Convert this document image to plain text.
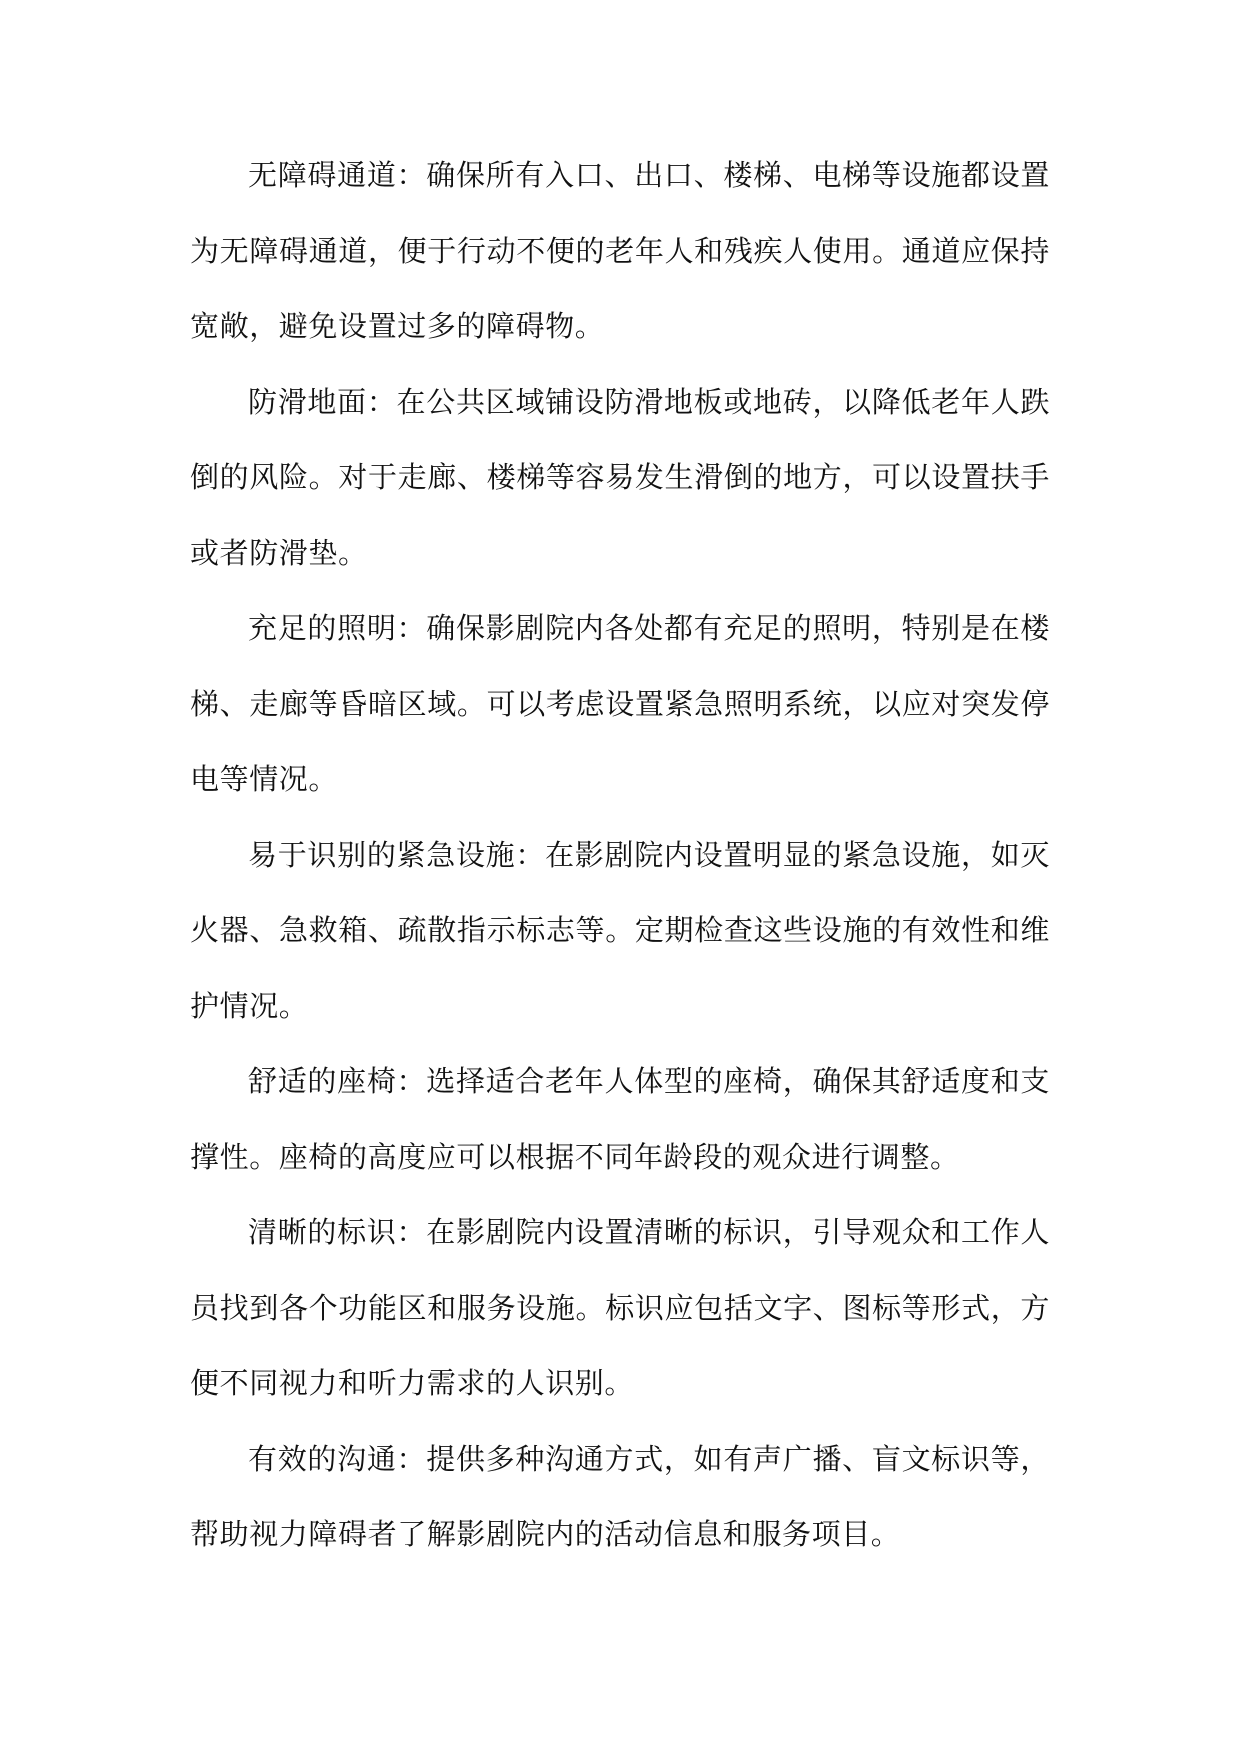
无障碍通道：确保所有入口、出口、楼梯、电梯等设施都设置为无障碍通道，便于行动不便的老年人和残疾人使用。通道应保持宽敞，避免设置过多的障碍物。

防滑地面：在公共区域铺设防滑地板或地砖，以降低老年人跌倒的风险。对于走廊、楼梯等容易发生滑倒的地方，可以设置扶手或者防滑垫。

充足的照明：确保影剧院内各处都有充足的照明，特别是在楼梯、走廊等昏暗区域。可以考虑设置紧急照明系统，以应对突发停电等情况。

易于识别的紧急设施：在影剧院内设置明显的紧急设施，如灭火器、急救箱、疏散指示标志等。定期检查这些设施的有效性和维护情况。

舒适的座椅：选择适合老年人体型的座椅，确保其舒适度和支撑性。座椅的高度应可以根据不同年龄段的观众进行调整。

清晰的标识：在影剧院内设置清晰的标识，引导观众和工作人员找到各个功能区和服务设施。标识应包括文字、图标等形式，方便不同视力和听力需求的人识别。

有效的沟通：提供多种沟通方式，如有声广播、盲文标识等，帮助视力障碍者了解影剧院内的活动信息和服务项目。
